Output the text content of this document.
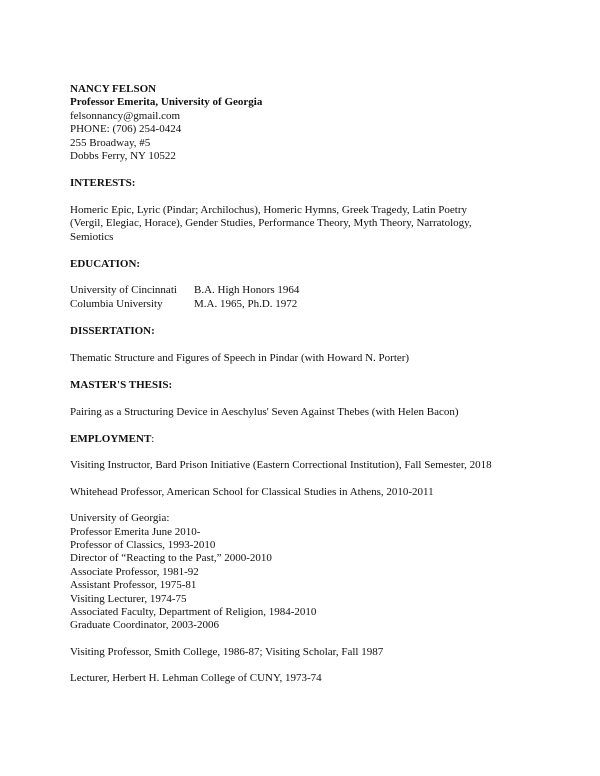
NANCY FELSON
Professor Emerita, University of Georgia
felsonnancy@gmail.com
PHONE: (706) 254-0424
255 Broadway, #5
Dobbs Ferry, NY 10522
INTERESTS:
Homeric Epic, Lyric (Pindar; Archilochus), Homeric Hymns, Greek Tragedy, Latin Poetry
(Vergil, Elegiac, Horace), Gender Studies, Performance Theory, Myth Theory, Narratology,
Semiotics
EDUCATION:
University of Cincinnati	B.A. High Honors 1964
Columbia University	M.A. 1965, Ph.D. 1972
DISSERTATION:
Thematic Structure and Figures of Speech in Pindar (with Howard N. Porter)
MASTER'S THESIS:
Pairing as a Structuring Device in Aeschylus' Seven Against Thebes (with Helen Bacon)
EMPLOYMENT:
Visiting Instructor, Bard Prison Initiative (Eastern Correctional Institution), Fall Semester, 2018
Whitehead Professor, American School for Classical Studies in Athens, 2010-2011
University of Georgia:
Professor Emerita June 2010-
Professor of Classics, 1993-2010
Director of “Reacting to the Past,” 2000-2010
Associate Professor, 1981-92
Assistant Professor, 1975-81
Visiting Lecturer, 1974-75
Associated Faculty, Department of Religion, 1984-2010
Graduate Coordinator, 2003-2006
Visiting Professor, Smith College, 1986-87; Visiting Scholar, Fall 1987
Lecturer, Herbert H. Lehman College of CUNY, 1973-74
